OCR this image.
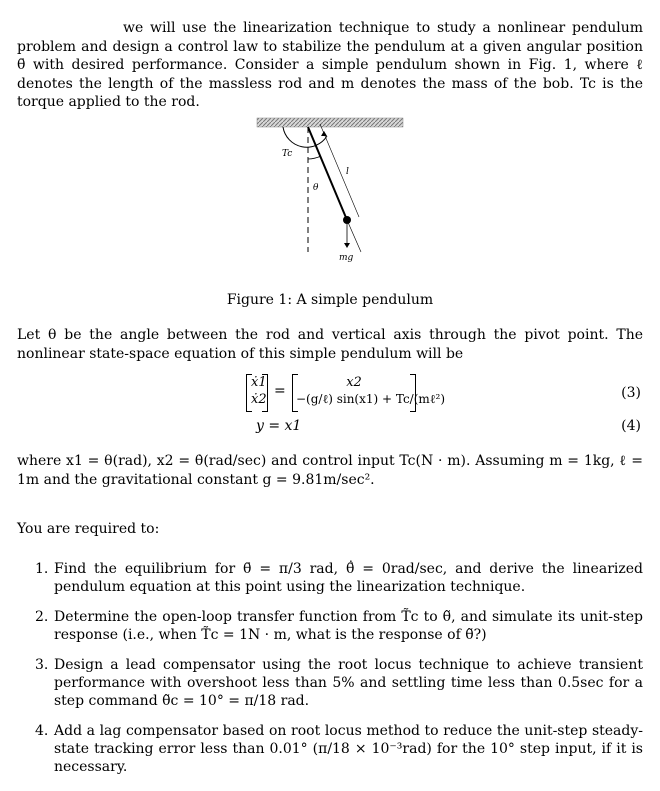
we will use the linearization technique to study a nonlinear pendulum problem and design a control law to stabilize the pendulum at a given angular position θ̄ with desired performance. Consider a simple pendulum shown in Fig. 1, where ℓ denotes the length of the massless rod and m denotes the mass of the bob. Tc is the torque applied to the rod.
Tc
θ
l
mg
Figure 1: A simple pendulum
Let θ be the angle between the rod and vertical axis through the pivot point. The nonlinear state-space equation of this simple pendulum will be
ẋ1
ẋ2
=
x2
−(g/ℓ) sin(x1) + Tc/(mℓ²)	(3)
y = x1	(4)
where x1 = θ(rad), x2 = θ̇(rad/sec) and control input Tc(N · m). Assuming m = 1kg, ℓ = 1m and the gravitational constant g = 9.81m/sec².
You are required to:
1. Find the equilibrium for θ̄ = π/3 rad, θ̄̇ = 0rad/sec, and derive the linearized pendulum equation at this point using the linearization technique.
2. Determine the open-loop transfer function from T̃c to θ̃, and simulate its unit-step response (i.e., when T̃c = 1N · m, what is the response of θ̃?)
3. Design a lead compensator using the root locus technique to achieve transient performance with overshoot less than 5% and settling time less than 0.5sec for a step command θ̃c = 10° = π/18 rad.
4. Add a lag compensator based on root locus method to reduce the unit-step steady-state tracking error less than 0.01° (π/18 × 10⁻³rad) for the 10° step input, if it is necessary.
